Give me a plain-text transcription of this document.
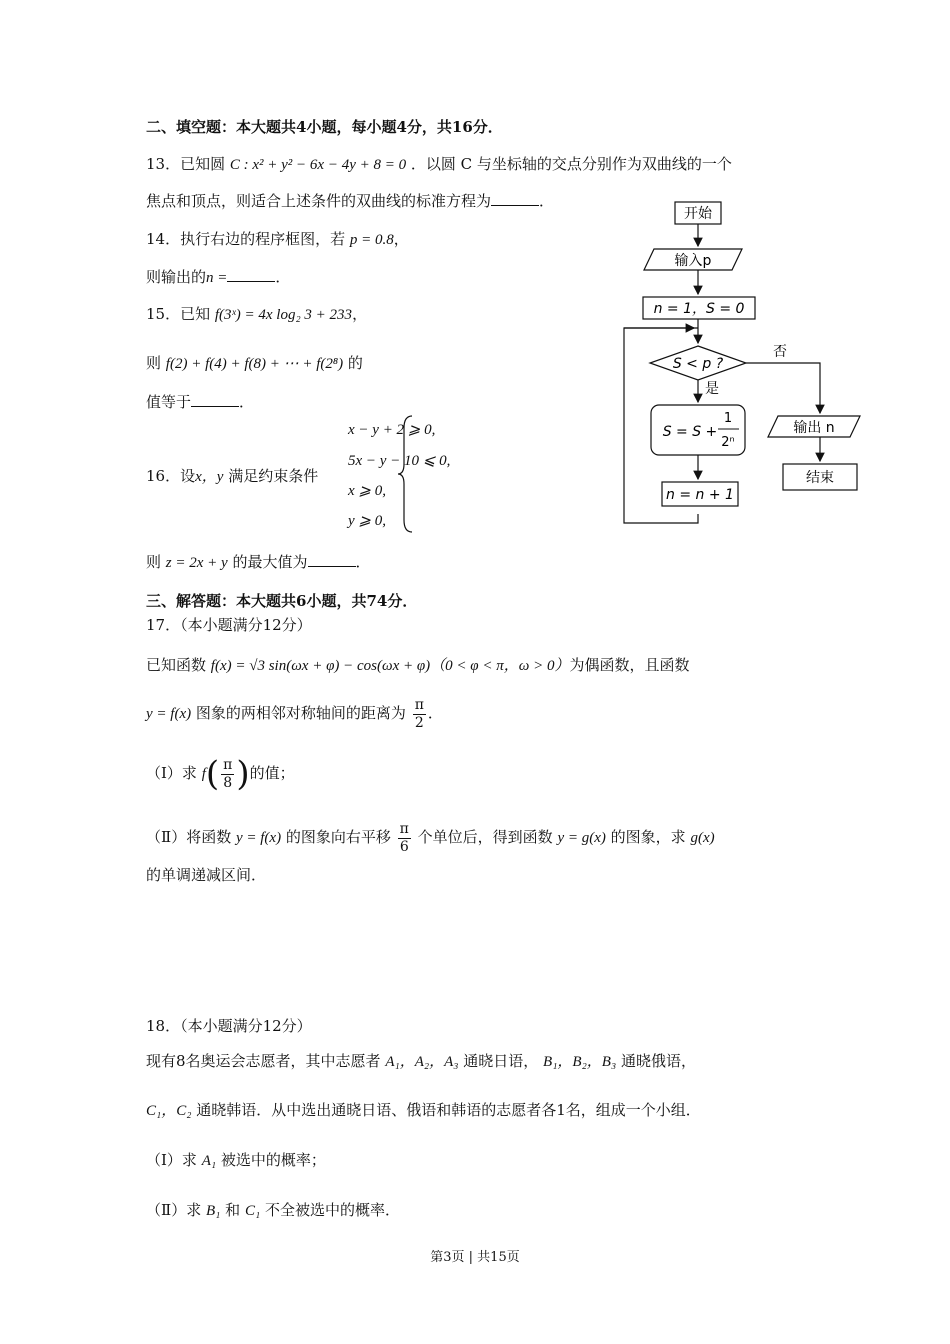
二、填空题：本大题共4小题，每小题4分，共16分．
13．已知圆 C : x² + y² − 6x − 4y + 8 = 0 ．以圆 C 与坐标轴的交点分别作为双曲线的一个
焦点和顶点，则适合上述条件的双曲线的标准方程为	．
14．执行右边的程序框图，若 p = 0.8，
则输出的n =	．
15．已知 f(3ˣ) = 4x log₂ 3 + 233，
则 f(2) + f(4) + f(8) + ⋯ + f(2⁸) 的
值等于	．
16．设x，y 满足约束条件
x − y + 2 ⩾ 0,
5x − y − 10 ⩽ 0,
x ⩾ 0,
y ⩾ 0,
则 z = 2x + y 的最大值为	．
开始
输入p
n = 1，S = 0
S < p ?
否
是
S = S +
1
2ⁿ
n = n + 1
输出 n
结束
三、解答题：本大题共6小题，共74分．
17．（本小题满分12分）
已知函数 f(x) = √3 sin(ωx + φ) − cos(ωx + φ)（0 < φ < π，ω > 0）为偶函数，且函数
y = f(x) 图象的两相邻对称轴间的距离为 $\frac{\pi}{2}$ ．
（Ⅰ）求 $f( \frac{\pi}{8}$ )的值；
（Ⅱ）将函数 y = f(x) 的图象向右平移 $\frac{\pi}{6}$ 个单位后，得到函数 y = g(x) 的图象，求 g(x)
的单调递减区间．
18．（本小题满分12分）
现有8名奥运会志愿者，其中志愿者 A₁，A₂，A₃ 通晓日语， B₁，B₂，B₃ 通晓俄语，
C₁，C₂ 通晓韩语．从中选出通晓日语、俄语和韩语的志愿者各1名，组成一个小组．
（Ⅰ）求 A₁ 被选中的概率；
（Ⅱ）求 B₁ 和 C₁ 不全被选中的概率．
第3页 | 共15页
